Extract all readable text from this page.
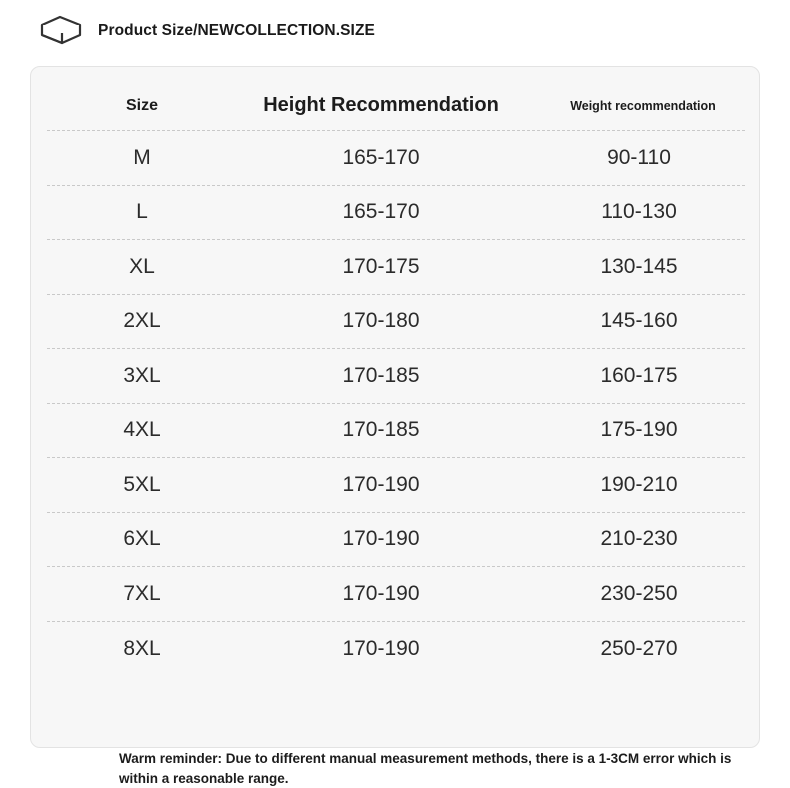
Product Size/NEWCOLLECTION.SIZE
Size	Height Recommendation	Weight recommendation
M	165-170	90-110
L	165-170	110-130
XL	170-175	130-145
2XL	170-180	145-160
3XL	170-185	160-175
4XL	170-185	175-190
5XL	170-190	190-210
6XL	170-190	210-230
7XL	170-190	230-250
8XL	170-190	250-270
Warm reminder: Due to different manual measurement methods, there is a 1-3CM error which is within a reasonable range.
